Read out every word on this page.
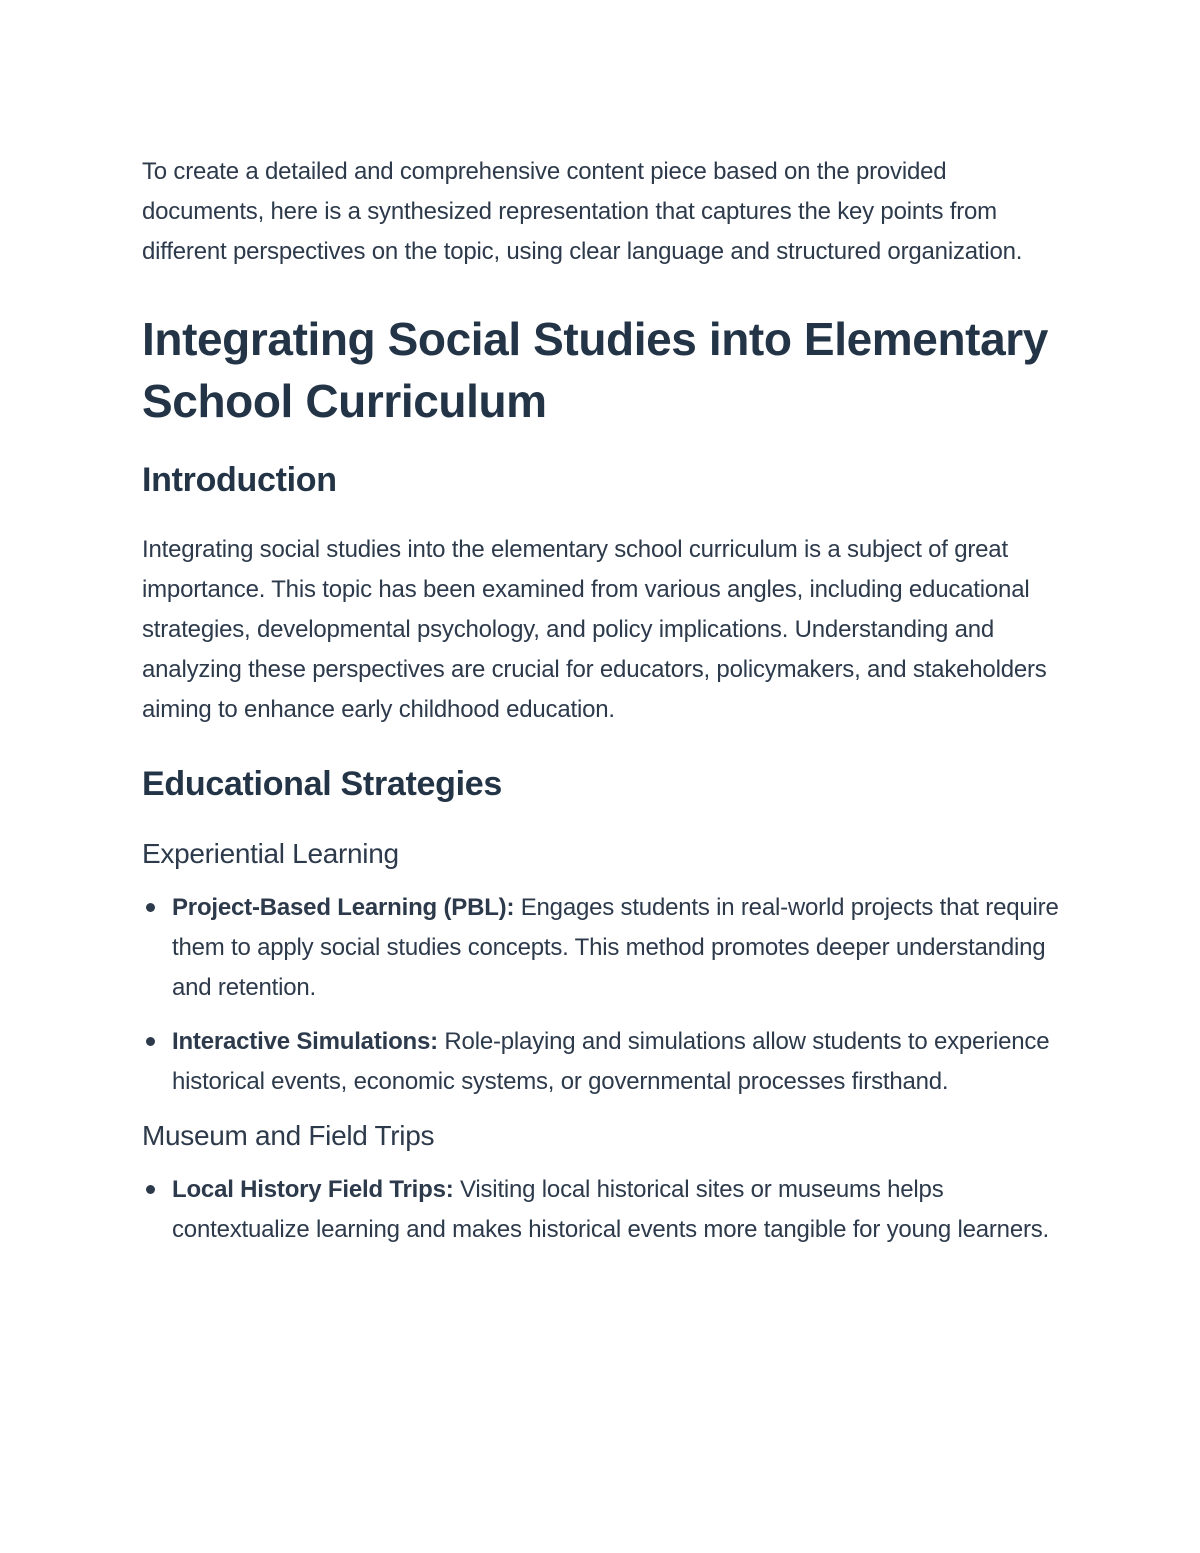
To create a detailed and comprehensive content piece based on the provided documents, here is a synthesized representation that captures the key points from different perspectives on the topic, using clear language and structured organization.

Integrating Social Studies into Elementary School Curriculum
Introduction

Integrating social studies into the elementary school curriculum is a subject of great importance. This topic has been examined from various angles, including educational strategies, developmental psychology, and policy implications. Understanding and analyzing these perspectives are crucial for educators, policymakers, and stakeholders aiming to enhance early childhood education.

Educational Strategies
Experiential Learning
Project-Based Learning (PBL): Engages students in real-world projects that require them to apply social studies concepts. This method promotes deeper understanding and retention.
Interactive Simulations: Role-playing and simulations allow students to experience historical events, economic systems, or governmental processes firsthand.
Museum and Field Trips
Local History Field Trips: Visiting local historical sites or museums helps contextualize learning and makes historical events more tangible for young learners.
